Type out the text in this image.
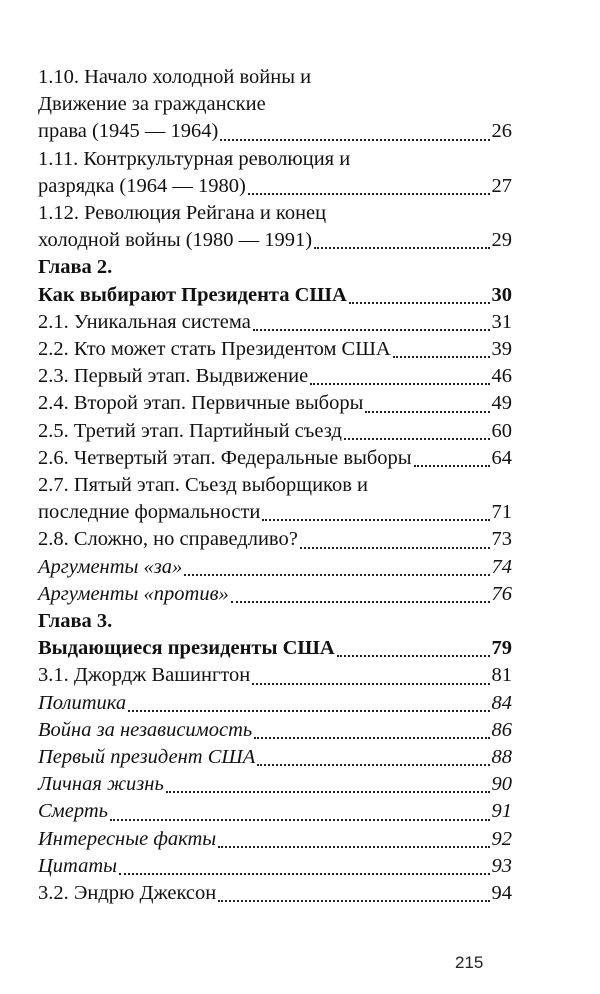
1.10. Начало холодной войны и
Движение за гражданские
права (1945 — 1964)	26
1.11. Контркультурная революция и
разрядка (1964 — 1980)	27
1.12. Революция Рейгана и конец
холодной войны (1980 — 1991)	29
Глава 2.
Как выбирают Президента США	30
2.1. Уникальная система	31
2.2. Кто может стать Президентом США	39
2.3. Первый этап. Выдвижение	46
2.4. Второй этап. Первичные выборы	49
2.5. Третий этап. Партийный съезд	60
2.6. Четвертый этап. Федеральные выборы	64
2.7. Пятый этап. Съезд выборщиков и
последние формальности	71
2.8. Сложно, но справедливо?	73
Аргументы «за»	74
Аргументы «против»	76
Глава 3.
Выдающиеся президенты США	79
3.1. Джордж Вашингтон	81
Политика	84
Война за независимость	86
Первый президент США	88
Личная жизнь	90
Смерть	91
Интересные факты	92
Цитаты	93
3.2. Эндрю Джексон	94
215
